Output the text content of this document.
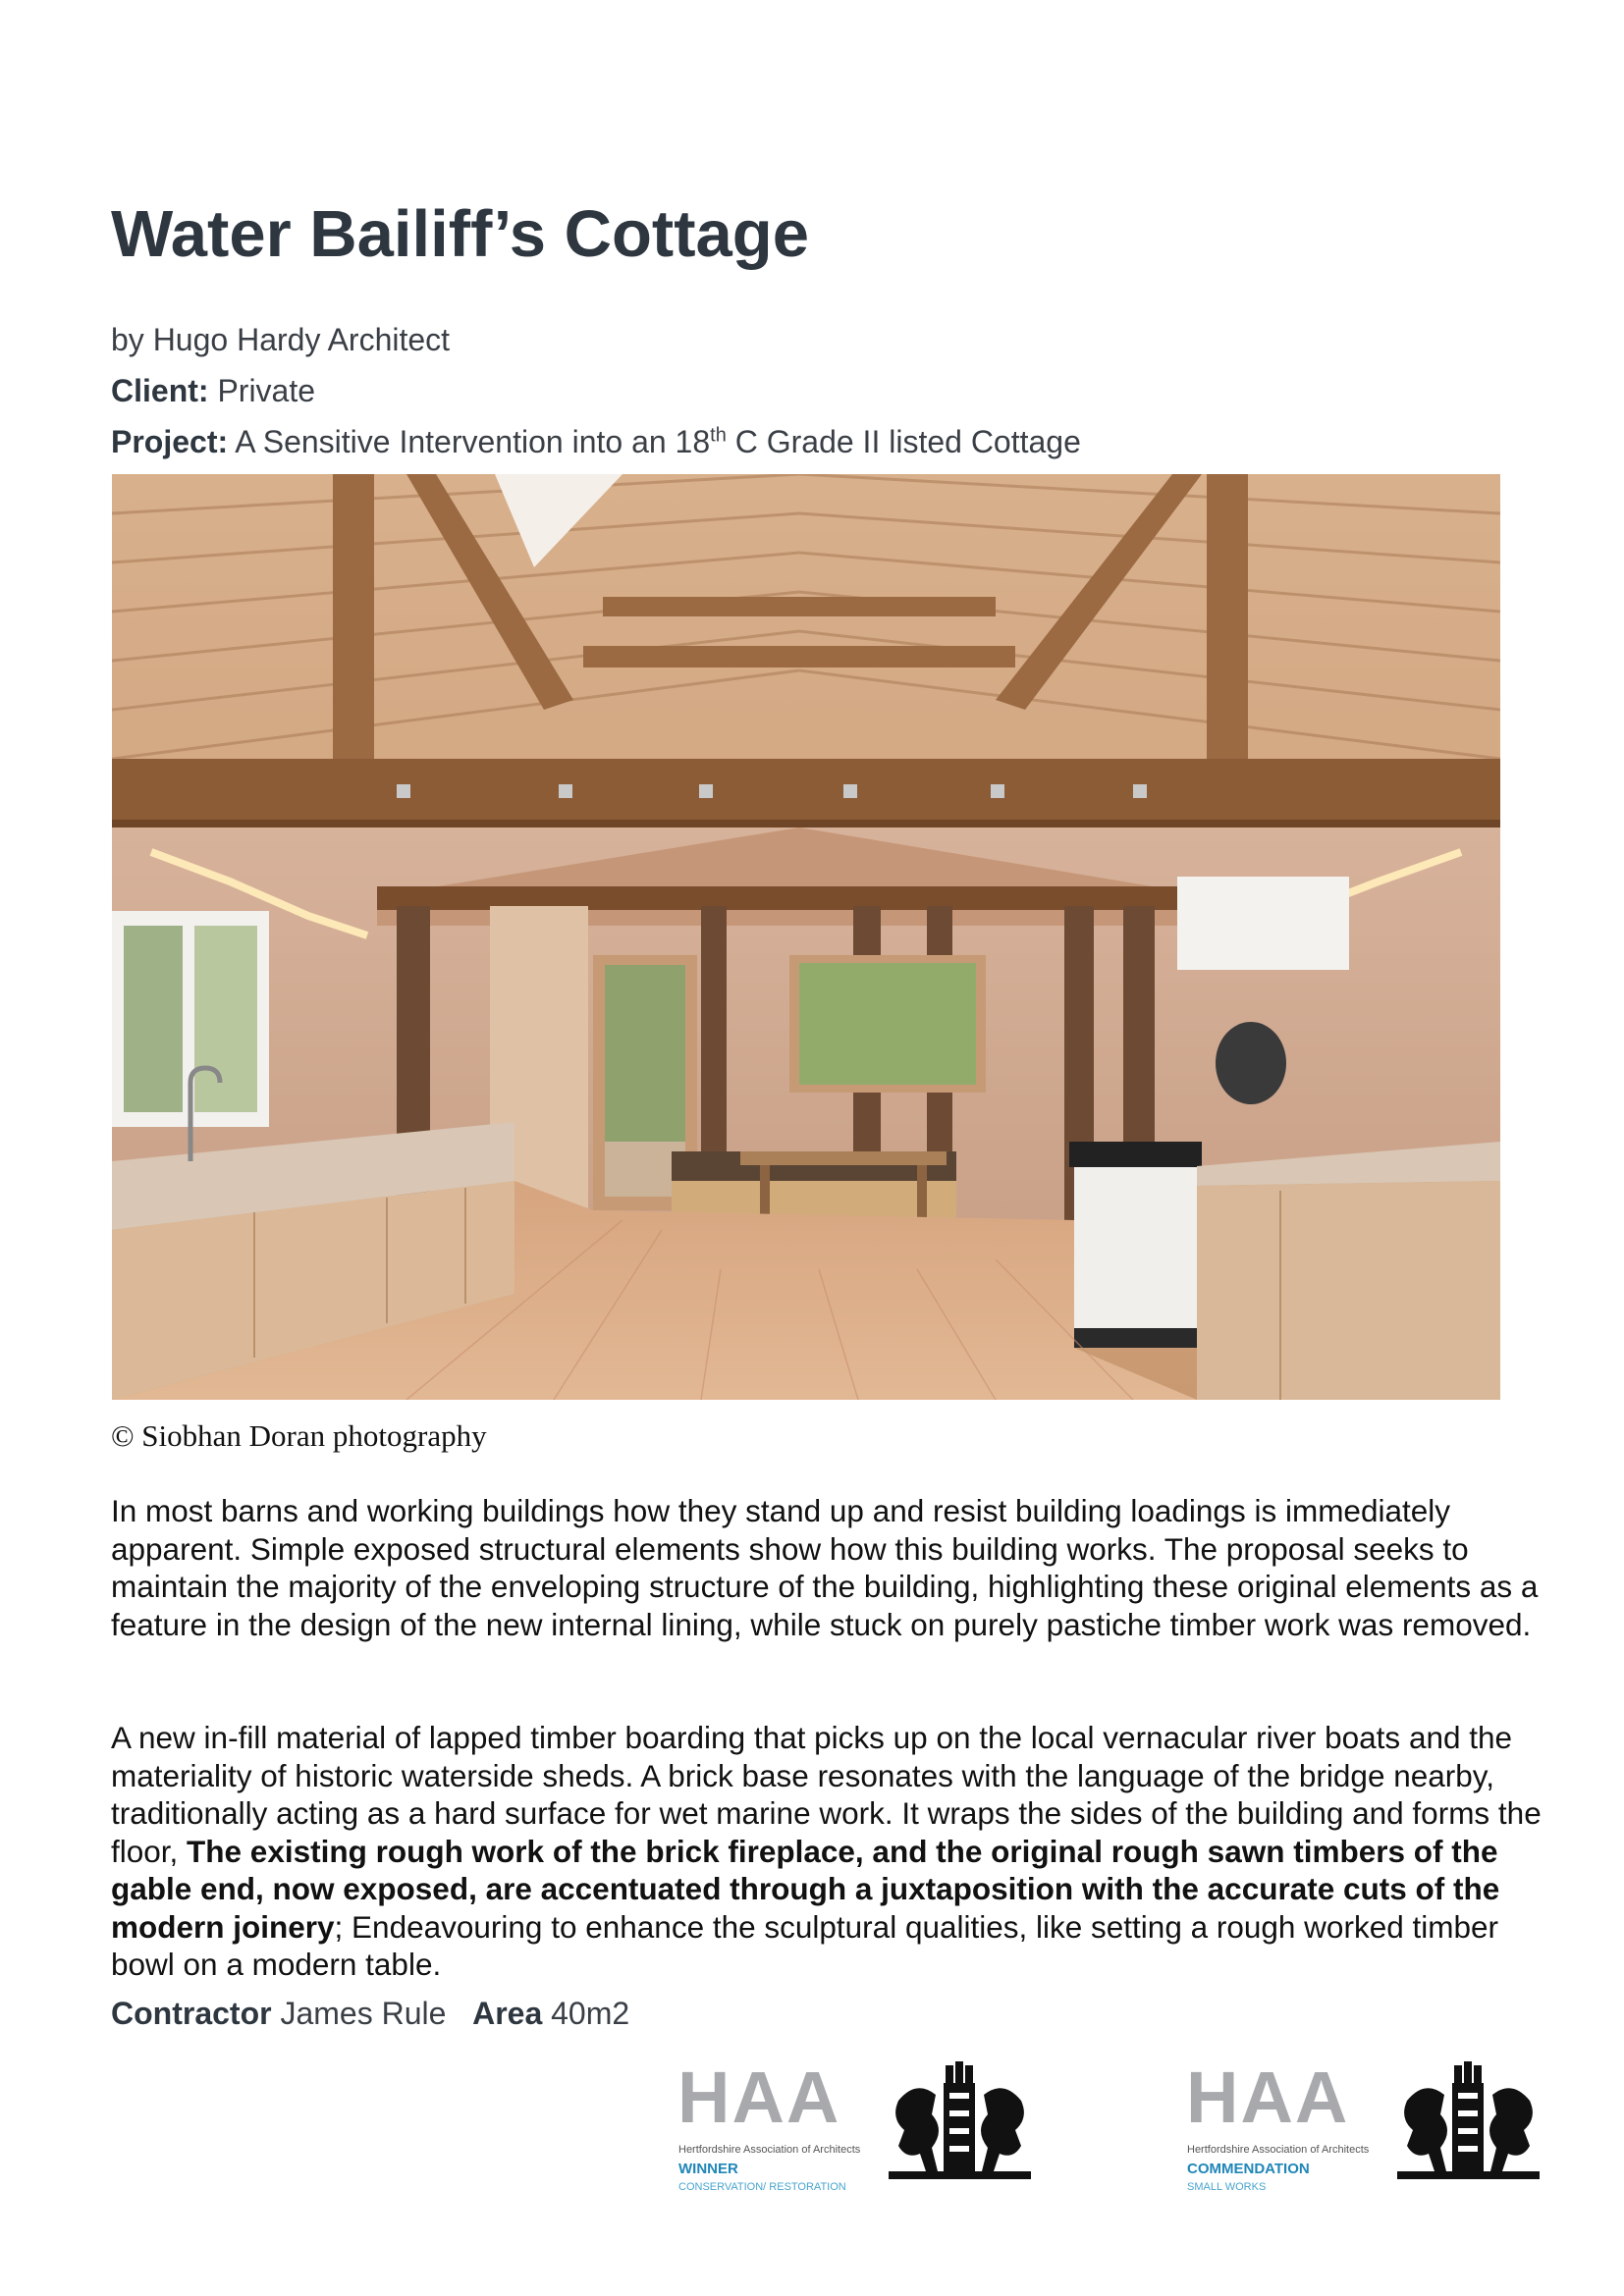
Water Bailiff’s Cottage

by Hugo Hardy Architect

Client: Private

Project: A Sensitive Intervention into an 18th C Grade II listed Cottage

© Siobhan Doran photography

In most barns and working buildings how they stand up and resist building loadings is immediately apparent. Simple exposed structural elements show how this building works. The proposal seeks to maintain the majority of the enveloping structure of the building, highlighting these original elements as a feature in the design of the new internal lining, while stuck on purely pastiche timber work was removed.

A new in-fill material of lapped timber boarding that picks up on the local vernacular river boats and the materiality of historic waterside sheds. A brick base resonates with the language of the bridge nearby, traditionally acting as a hard surface for wet marine work. It wraps the sides of the building and forms the floor, The existing rough work of the brick fireplace, and the original rough sawn timbers of the gable end, now exposed, are accentuated through a juxtaposition with the accurate cuts of the modern joinery; Endeavouring to enhance the sculptural qualities, like setting a rough worked timber bowl on a modern table.

Contractor James Rule Area 40m2

HAA
Hertfordshire Association of Architects
WINNER
CONSERVATION/ RESTORATION
HAA
Hertfordshire Association of Architects
COMMENDATION
SMALL WORKS
